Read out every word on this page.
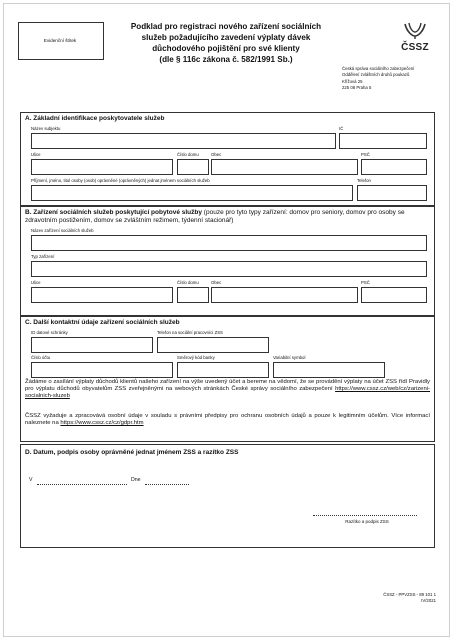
Evidenční štítek
Podklad pro registraci nového zařízení sociálních
služeb požadujícího zavedení výplaty dávek
důchodového pojištění pro své klienty
(dle § 116c zákona č. 582/1991 Sb.)
ČSSZ
Česká správa sociálního zabezpečení
Oddělení zvláštních druhů poukazů
Křížová 25
225 08 Praha 5
A. Základní identifikace poskytovatele služeb
Název subjektu	IČ
Ulice	Číslo domu	Obec	PSČ
Příjmení, jméno, titul osoby (osob) oprávněné (oprávněných) jednat jménem sociálních služeb	Telefon
B. Zařízení sociálních služeb poskytující pobytové služby (pouze pro tyto typy zařízení: domov pro seniory, domov pro osoby se zdravotním postižením, domov se zvláštním režimem, týdenní stacionář)
Název zařízení sociálních služeb
Typ zařízení
Ulice	Číslo domu	Obec	PSČ
C. Další kontaktní údaje zařízení sociálních služeb
ID datové schránky	Telefon na sociální pracovníci ZSS
Číslo účtu	Směrový kód banky	Variabilní symbol
Žádáme o zasílání výplaty důchodů klientů našeho zařízení na výše uvedený účet a bereme na vědomí, že se provádění výplaty na účet ZSS řídí Pravidly pro výplatu důchodů obyvatelům ZSS zveřejněnými na webových stránkách České správy sociálního zabezpečení https://www.cssz.cz/web/cz/zarizeni-socialnich-sluzeb
ČSSZ vyžaduje a zpracovává osobní údaje v souladu s právními předpisy pro ochranu osobních údajů a pouze k legitimním účelům. Více informací naleznete na https://www.cssz.cz/cz/gdpr.htm
D. Datum, podpis osoby oprávněné jednat jménem ZSS a razítko ZSS
V	Dne
Razítko a podpis ZSS
ČSSZ - PPVZSS - 89 101 1
IV/2021
